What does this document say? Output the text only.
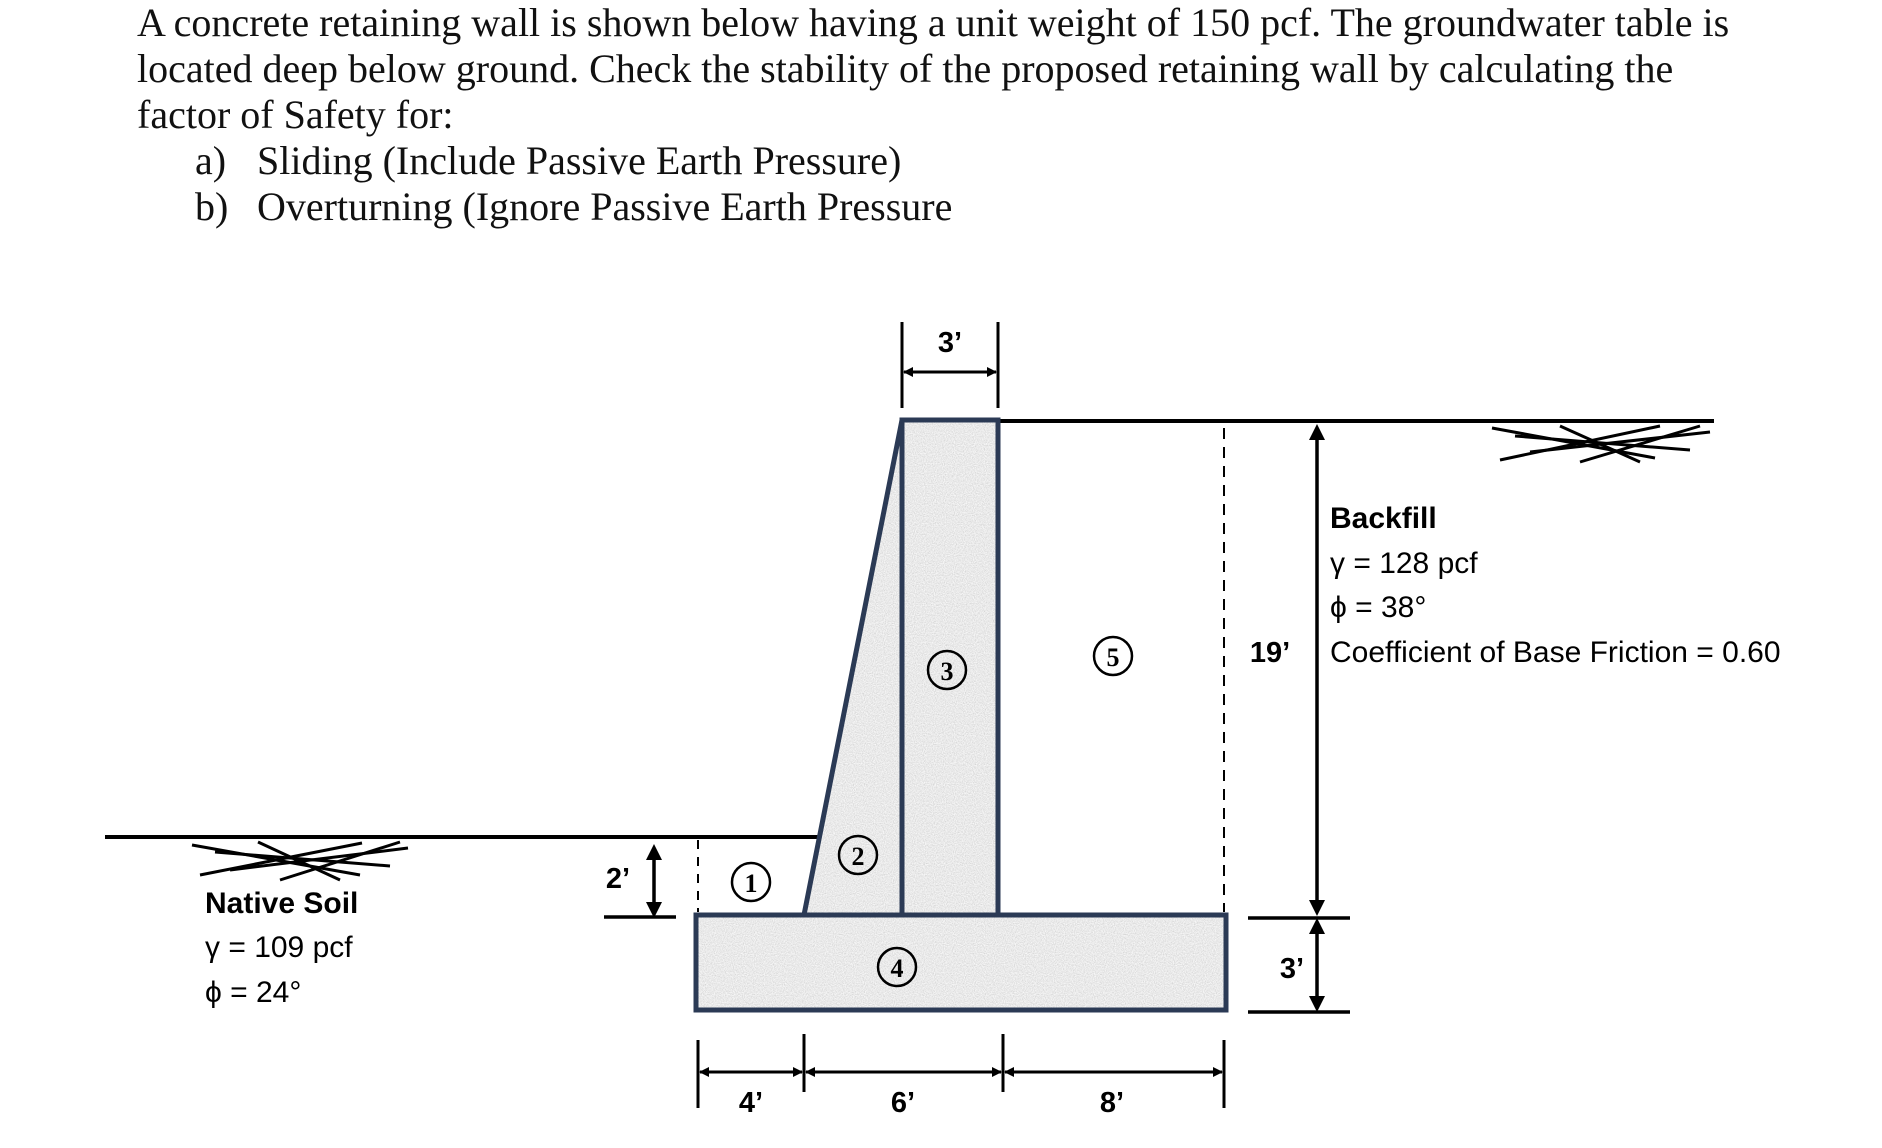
A concrete retaining wall is shown below having a unit weight of 150 pcf. The groundwater table is

located deep below ground. Check the stability of the proposed retaining wall by calculating the

factor of Safety for:

a) Sliding (Include Passive Earth Pressure)
b) Overturning (Ignore Passive Earth Pressure
1
2
3
4
5
3’
19’
3’
2’
4’	6’	8’
Backfill
γ = 128 pcf
ϕ = 38°
Coefficient of Base Friction = 0.60
Native Soil
γ = 109 pcf
ϕ = 24°
